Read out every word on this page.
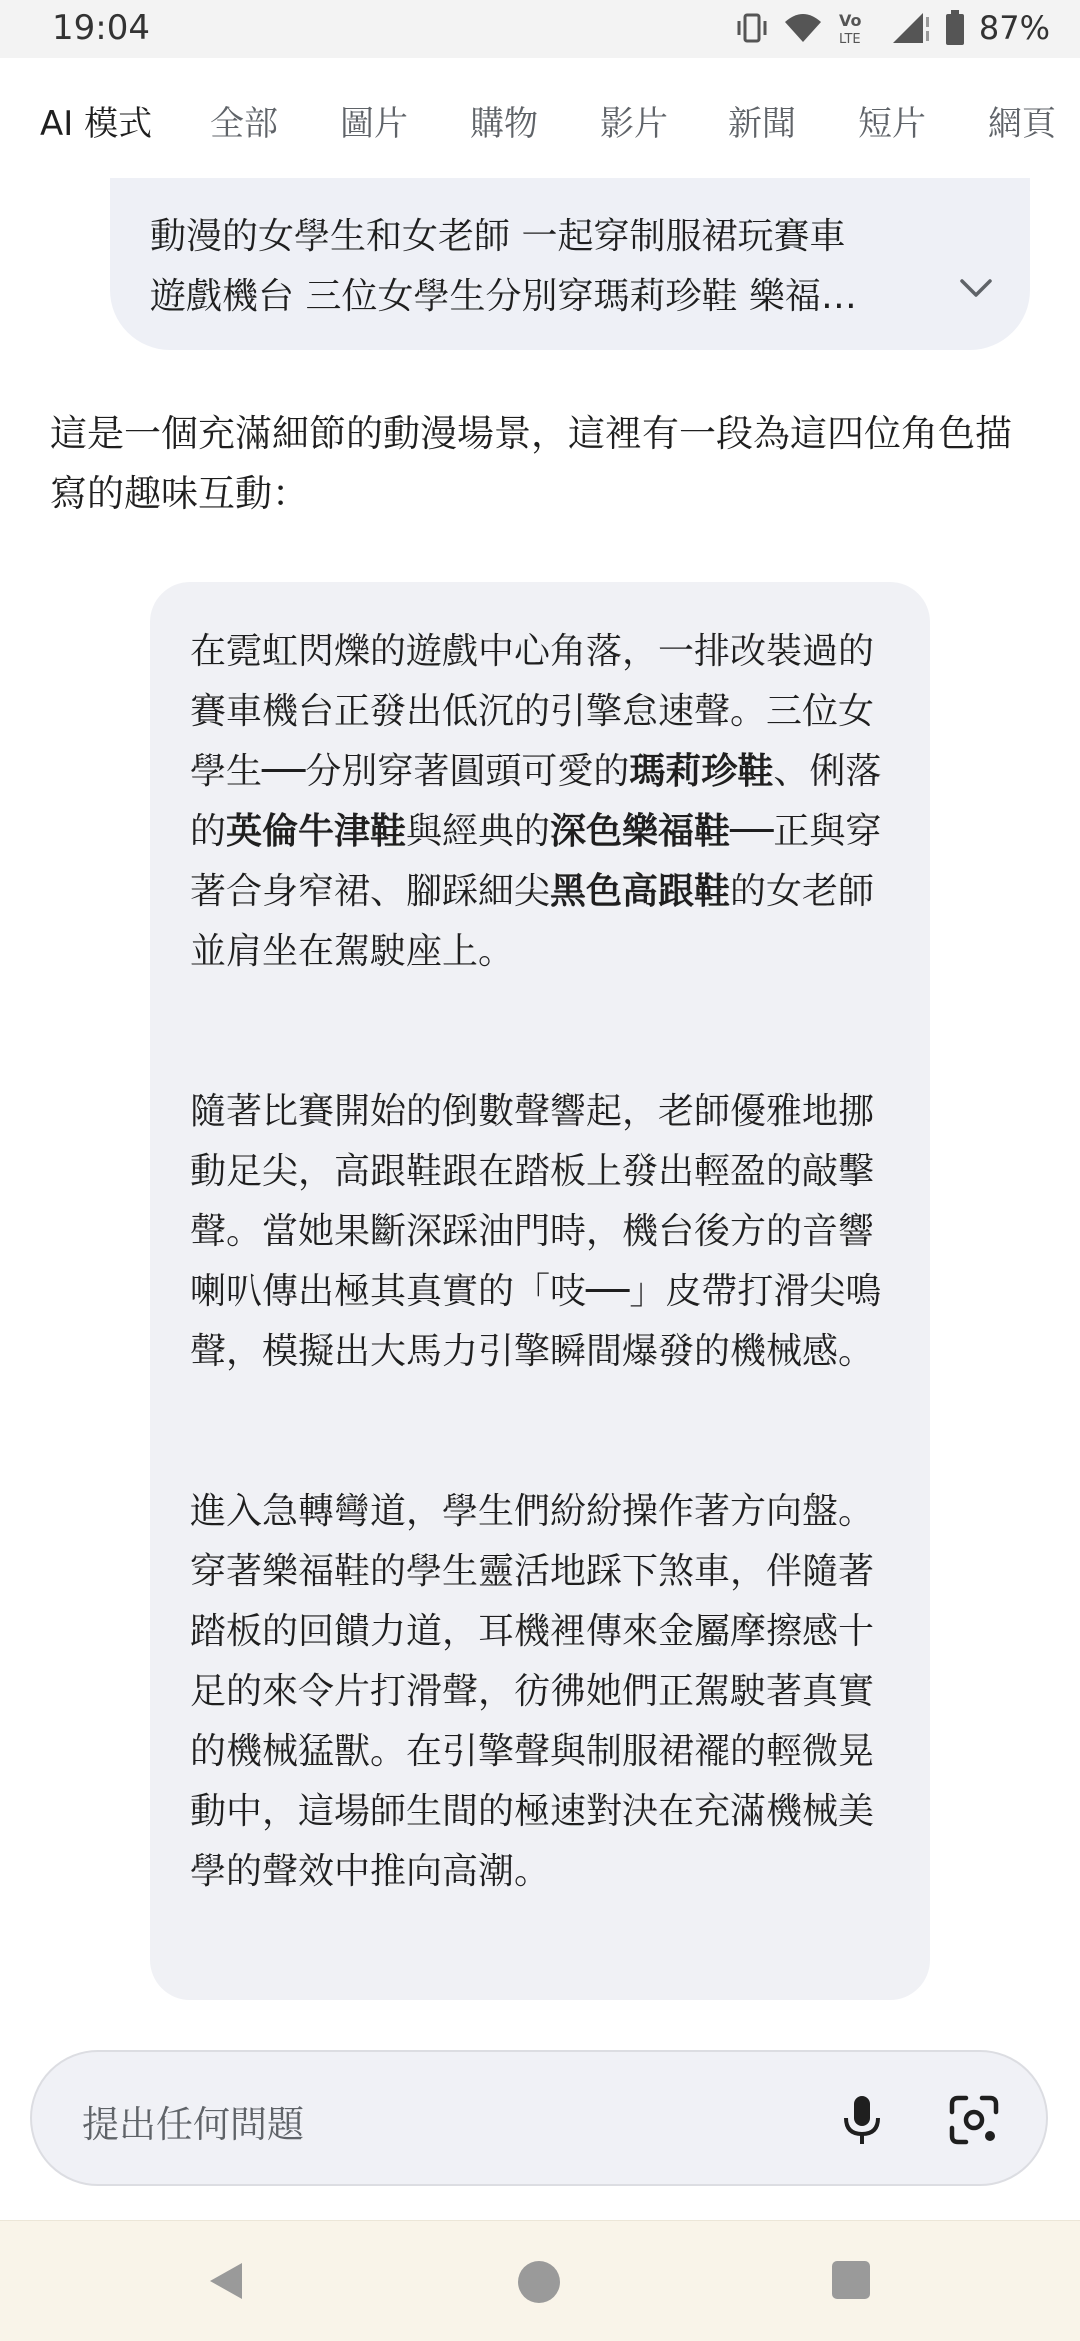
19:04	Vo
LTE	87%
AI 模式 全部 圖片 購物 影片 新聞 短片 網頁
動漫的女學生和女老師 一起穿制服裙玩賽車
遊戲機台 三位女學生分別穿瑪莉珍鞋 樂福…
這是一個充滿細節的動漫場景，這裡有一段為這四位角色描寫的趣味互動：
在霓虹閃爍的遊戲中心角落，一排改裝過的賽車機台正發出低沉的引擎怠速聲。三位女學生──分別穿著圓頭可愛的瑪莉珍鞋、俐落的英倫牛津鞋與經典的深色樂福鞋──正與穿著合身窄裙、腳踩細尖黑色高跟鞋的女老師並肩坐在駕駛座上。
隨著比賽開始的倒數聲響起，老師優雅地挪動足尖，高跟鞋跟在踏板上發出輕盈的敲擊聲。當她果斷深踩油門時，機台後方的音響喇叭傳出極其真實的「吱──」皮帶打滑尖鳴聲，模擬出大馬力引擎瞬間爆發的機械感。
進入急轉彎道，學生們紛紛操作著方向盤。穿著樂福鞋的學生靈活地踩下煞車，伴隨著踏板的回饋力道，耳機裡傳來金屬摩擦感十足的來令片打滑聲，彷彿她們正駕駛著真實的機械猛獸。在引擎聲與制服裙襬的輕微晃動中，這場師生間的極速對決在充滿機械美學的聲效中推向高潮。
提出任何問題
